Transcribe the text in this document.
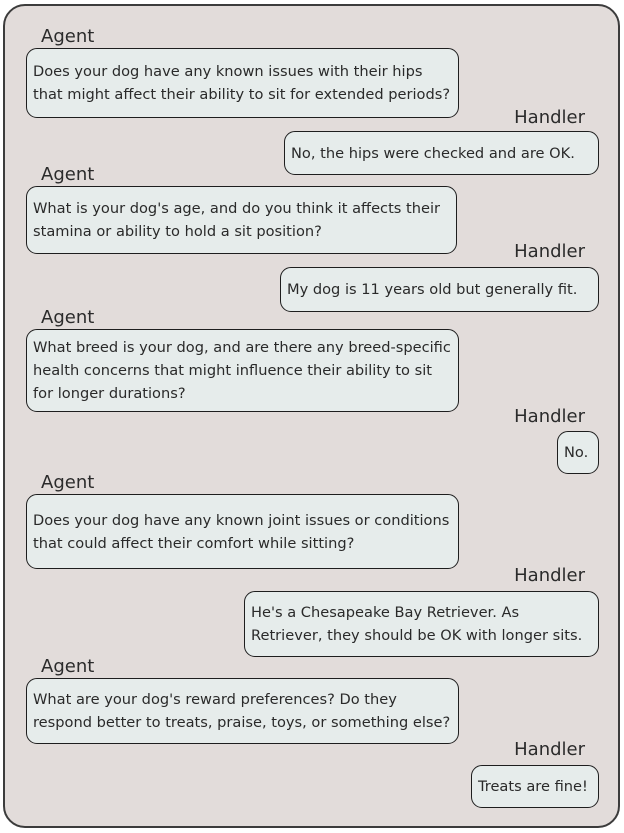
Agent
Does your dog have any known issues with their hips that might affect their ability to sit for extended periods?
Handler
No, the hips were checked and are OK.
Agent
What is your dog's age, and do you think it affects their stamina or ability to hold a sit position?
Handler
My dog is 11 years old but generally fit.
Agent
What breed is your dog, and are there any breed-specific health concerns that might influence their ability to sit for longer durations?
Handler
No.
Agent
Does your dog have any known joint issues or conditions that could affect their comfort while sitting?
Handler
He's a Chesapeake Bay Retriever. As Retriever, they should be OK with longer sits.
Agent
What are your dog's reward preferences? Do they respond better to treats, praise, toys, or something else?
Handler
Treats are fine!
